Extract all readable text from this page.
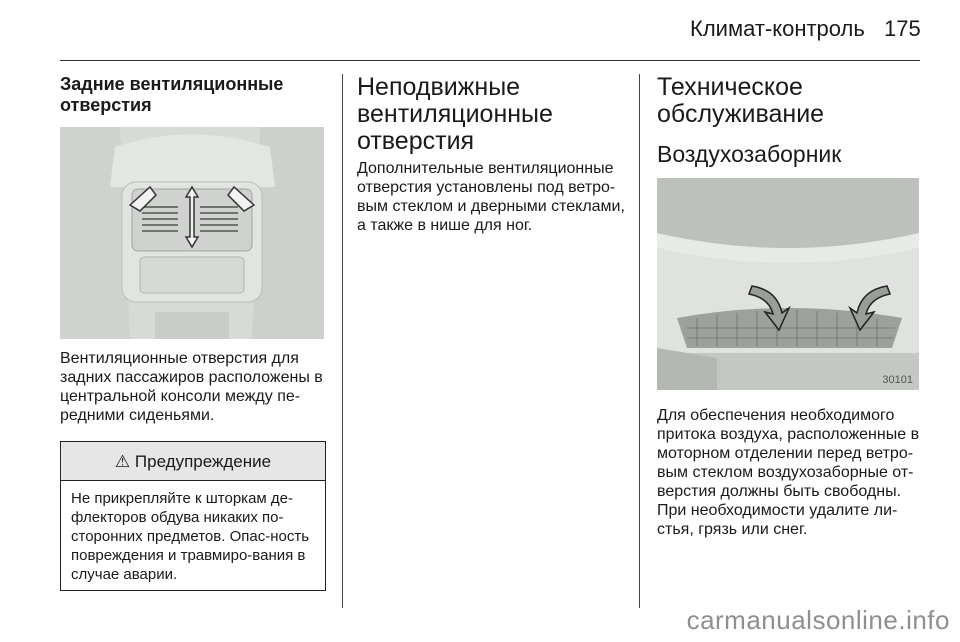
Климат-контроль 175
Задние вентиляционные отверстия

Вентиляционные отверстия для задних пассажиров расположены в центральной консоли между пе-редними сиденьями.

⚠ Предупреждение
Не прикрепляйте к шторкам де-флекторов обдува никаких по-сторонних предметов. Опас-ность повреждения и травмиро-вания в случае аварии.
Неподвижные вентиляционные отверстия

Дополнительные вентиляционные отверстия установлены под ветро-вым стеклом и дверными стеклами, а также в нише для ног.

Техническое обслуживание
Воздухозаборник
30101

Для обеспечения необходимого притока воздуха, расположенные в моторном отделении перед ветро-вым стеклом воздухозаборные от-верстия должны быть свободны. При необходимости удалите ли-стья, грязь или снег.

carmanualsonline.info
